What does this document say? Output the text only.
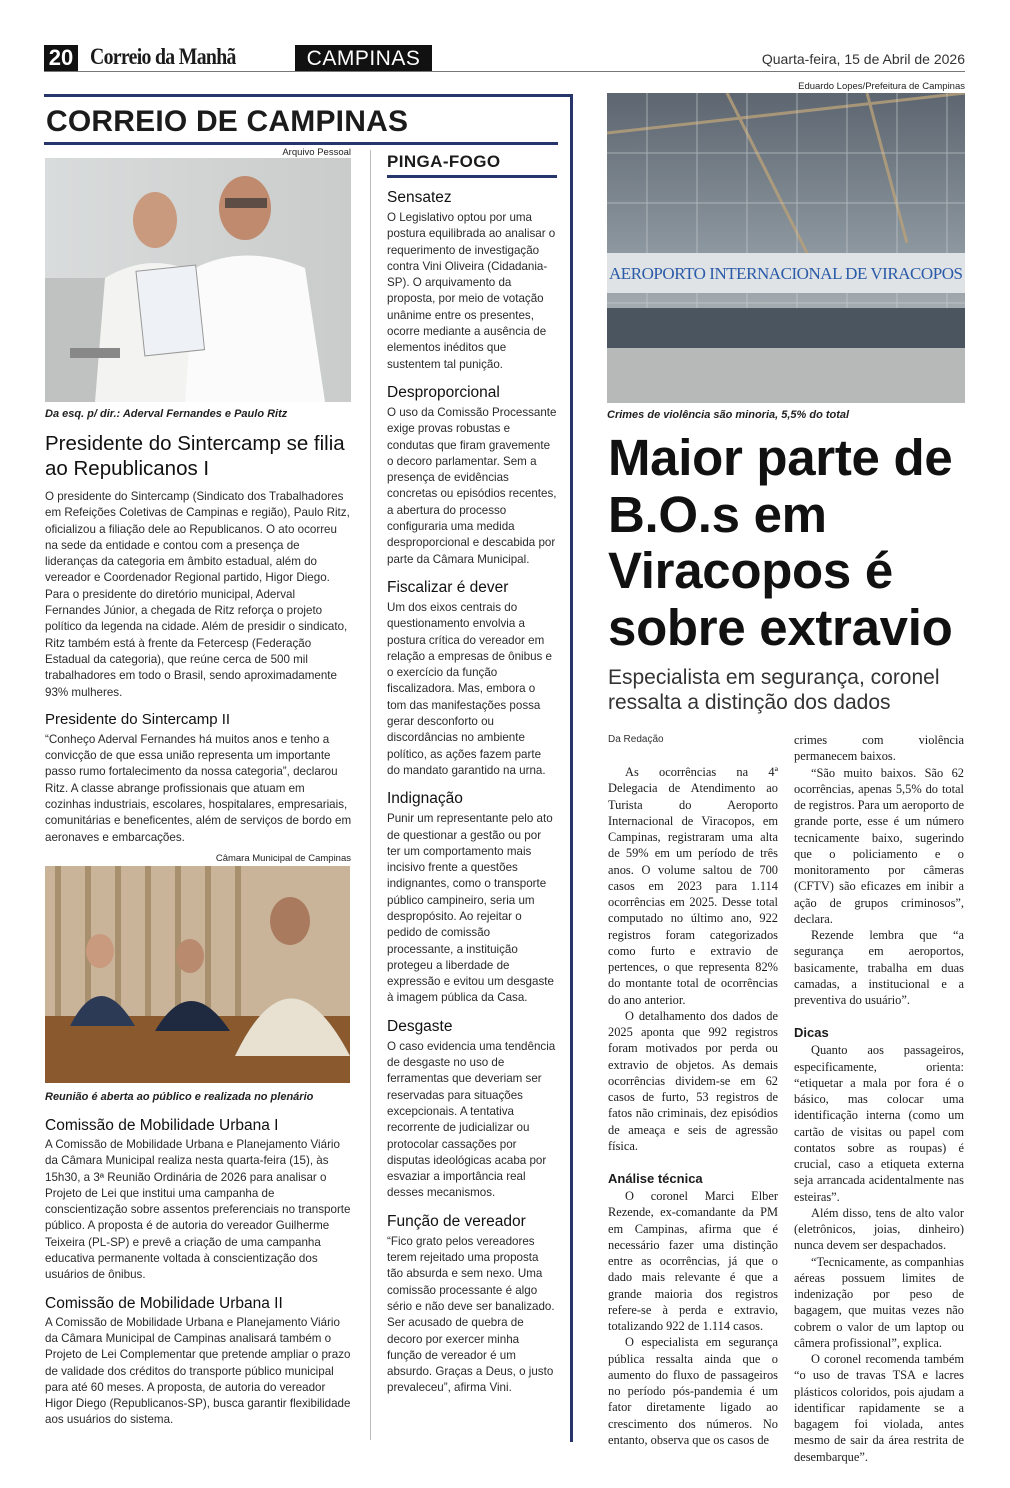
20 Correio da Manhã	CAMPINAS	Quarta-feira, 15 de Abril de 2026
CORREIO DE CAMPINAS
Arquivo Pessoal
Da esq. p/ dir.: Aderval Fernandes e Paulo Ritz
Presidente do Sintercamp se filia ao Republicanos I

O presidente do Sintercamp (Sindicato dos Trabalhadores em Refeições Coletivas de Campinas e região), Paulo Ritz, oficializou a filiação dele ao Republicanos. O ato ocorreu na sede da entidade e contou com a presença de lideranças da categoria em âmbito estadual, além do vereador e Coordenador Regional partido, Higor Diego. Para o presidente do diretório municipal, Aderval Fernandes Júnior, a chegada de Ritz reforça o projeto político da legenda na cidade. Além de presidir o sindicato, Ritz também está à frente da Fetercesp (Federação Estadual da categoria), que reúne cerca de 500 mil trabalhadores em todo o Brasil, sendo aproximadamente 93% mulheres.

Presidente do Sintercamp II

“Conheço Aderval Fernandes há muitos anos e tenho a convicção de que essa união representa um importante passo rumo fortalecimento da nossa categoria”, declarou Ritz. A classe abrange profissionais que atuam em cozinhas industriais, escolares, hospitalares, empresariais, comunitárias e beneficentes, além de serviços de bordo em aeronaves e embarcações.

Câmara Municipal de Campinas
Reunião é aberta ao público e realizada no plenário
Comissão de Mobilidade Urbana I

A Comissão de Mobilidade Urbana e Planejamento Viário da Câmara Municipal realiza nesta quarta-feira (15), às 15h30, a 3ª Reunião Ordinária de 2026 para analisar o Projeto de Lei que institui uma campanha de conscientização sobre assentos preferenciais no transporte público. A proposta é de autoria do vereador Guilherme Teixeira (PL-SP) e prevê a criação de uma campanha educativa permanente voltada à conscientização dos usuários de ônibus.

Comissão de Mobilidade Urbana II

A Comissão de Mobilidade Urbana e Planejamento Viário da Câmara Municipal de Campinas analisará também o Projeto de Lei Complementar que pretende ampliar o prazo de validade dos créditos do transporte público municipal para até 60 meses. A proposta, de autoria do vereador Higor Diego (Republicanos-SP), busca garantir flexibilidade aos usuários do sistema.

PINGA-FOGO
Sensatez

O Legislativo optou por uma postura equilibrada ao analisar o requerimento de investigação contra Vini Oliveira (Cidadania-SP). O arquivamento da proposta, por meio de votação unânime entre os presentes, ocorre mediante a ausência de elementos inéditos que sustentem tal punição.

Desproporcional

O uso da Comissão Processante exige provas robustas e condutas que firam gravemente o decoro parlamentar. Sem a presença de evidências concretas ou episódios recentes, a abertura do processo configuraria uma medida desproporcional e descabida por parte da Câmara Municipal.

Fiscalizar é dever

Um dos eixos centrais do questionamento envolvia a postura crítica do vereador em relação a empresas de ônibus e o exercício da função fiscalizadora. Mas, embora o tom das manifestações possa gerar desconforto ou discordâncias no ambiente político, as ações fazem parte do mandato garantido na urna.

Indignação

Punir um representante pelo ato de questionar a gestão ou por ter um comportamento mais incisivo frente a questões indignantes, como o transporte público campineiro, seria um despropósito. Ao rejeitar o pedido de comissão processante, a instituição protegeu a liberdade de expressão e evitou um desgaste à imagem pública da Casa.

Desgaste

O caso evidencia uma tendência de desgaste no uso de ferramentas que deveriam ser reservadas para situações excepcionais. A tentativa recorrente de judicializar ou protocolar cassações por disputas ideológicas acaba por esvaziar a importância real desses mecanismos.

Função de vereador

“Fico grato pelos vereadores terem rejeitado uma proposta tão absurda e sem nexo. Uma comissão processante é algo sério e não deve ser banalizado. Ser acusado de quebra de decoro por exercer minha função de vereador é um absurdo. Graças a Deus, o justo prevaleceu”, afirma Vini.

Eduardo Lopes/Prefeitura de Campinas
AEROPORTO INTERNACIONAL DE VIRACOPOS
Crimes de violência são minoria, 5,5% do total
Maior parte de B.O.s em Viracopos é sobre extravio
Especialista em segurança, coronel ressalta a distinção dos dados
Da Redação

As ocorrências na 4ª Delegacia de Atendimento ao Turista do Aeroporto Internacional de Viracopos, em Campinas, registraram uma alta de 59% em um período de três anos. O volume saltou de 700 casos em 2023 para 1.114 ocorrências em 2025. Desse total computado no último ano, 922 registros foram categorizados como furto e extravio de pertences, o que representa 82% do montante total de ocorrências do ano anterior.

O detalhamento dos dados de 2025 aponta que 992 registros foram motivados por perda ou extravio de objetos. As demais ocorrências dividem-se em 62 casos de furto, 53 registros de fatos não criminais, dez episódios de ameaça e seis de agressão física.

Análise técnica

O coronel Marci Elber Rezende, ex-comandante da PM em Campinas, afirma que é necessário fazer uma distinção entre as ocorrências, já que o dado mais relevante é que a grande maioria dos registros refere-se à perda e extravio, totalizando 922 de 1.114 casos.

O especialista em segurança pública ressalta ainda que o aumento do fluxo de passageiros no período pós-pandemia é um fator diretamente ligado ao crescimento dos números. No entanto, observa que os casos de

crimes com violência permanecem baixos.

“São muito baixos. São 62 ocorrências, apenas 5,5% do total de registros. Para um aeroporto de grande porte, esse é um número tecnicamente baixo, sugerindo que o policiamento e o monitoramento por câmeras (CFTV) são eficazes em inibir a ação de grupos criminosos”, declara.

Rezende lembra que “a segurança em aeroportos, basicamente, trabalha em duas camadas, a institucional e a preventiva do usuário”.

Dicas

Quanto aos passageiros, especificamente, orienta: “etiquetar a mala por fora é o básico, mas colocar uma identificação interna (como um cartão de visitas ou papel com contatos sobre as roupas) é crucial, caso a etiqueta externa seja arrancada acidentalmente nas esteiras”.

Além disso, tens de alto valor (eletrônicos, joias, dinheiro) nunca devem ser despachados.

“Tecnicamente, as companhias aéreas possuem limites de indenização por peso de bagagem, que muitas vezes não cobrem o valor de um laptop ou câmera profissional”, explica.

O coronel recomenda também “o uso de travas TSA e lacres plásticos coloridos, pois ajudam a identificar rapidamente se a bagagem foi violada, antes mesmo de sair da área restrita de desembarque”.
